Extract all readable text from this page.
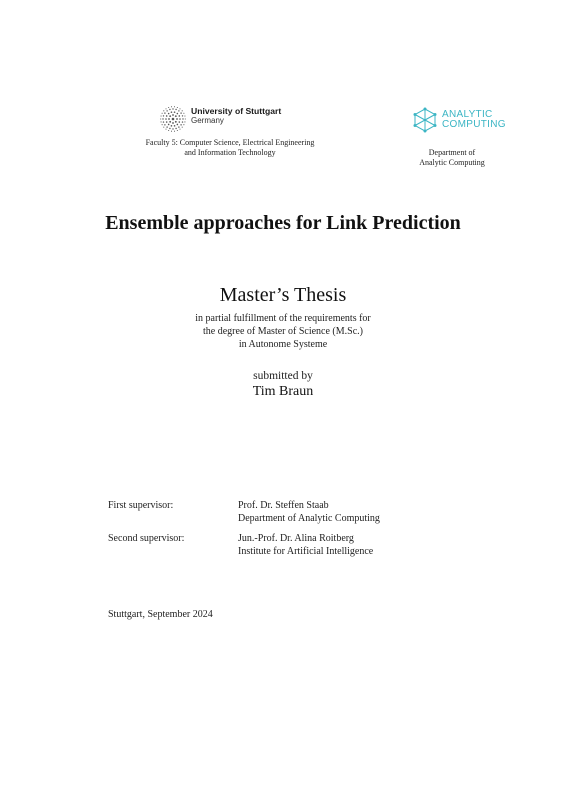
University of Stuttgart
Germany
Faculty 5: Computer Science, Electrical Engineering
and Information Technology
ANALYTIC
COMPUTING
Department of
Analytic Computing
Ensemble approaches for Link Prediction
Master’s Thesis
in partial fulfillment of the requirements for
the degree of Master of Science (M.Sc.)
in Autonome Systeme
submitted by
Tim Braun
First supervisor:	Prof. Dr. Steffen Staab
Department of Analytic Computing
Second supervisor:	Jun.-Prof. Dr. Alina Roitberg
Institute for Artificial Intelligence
Stuttgart, September 2024
